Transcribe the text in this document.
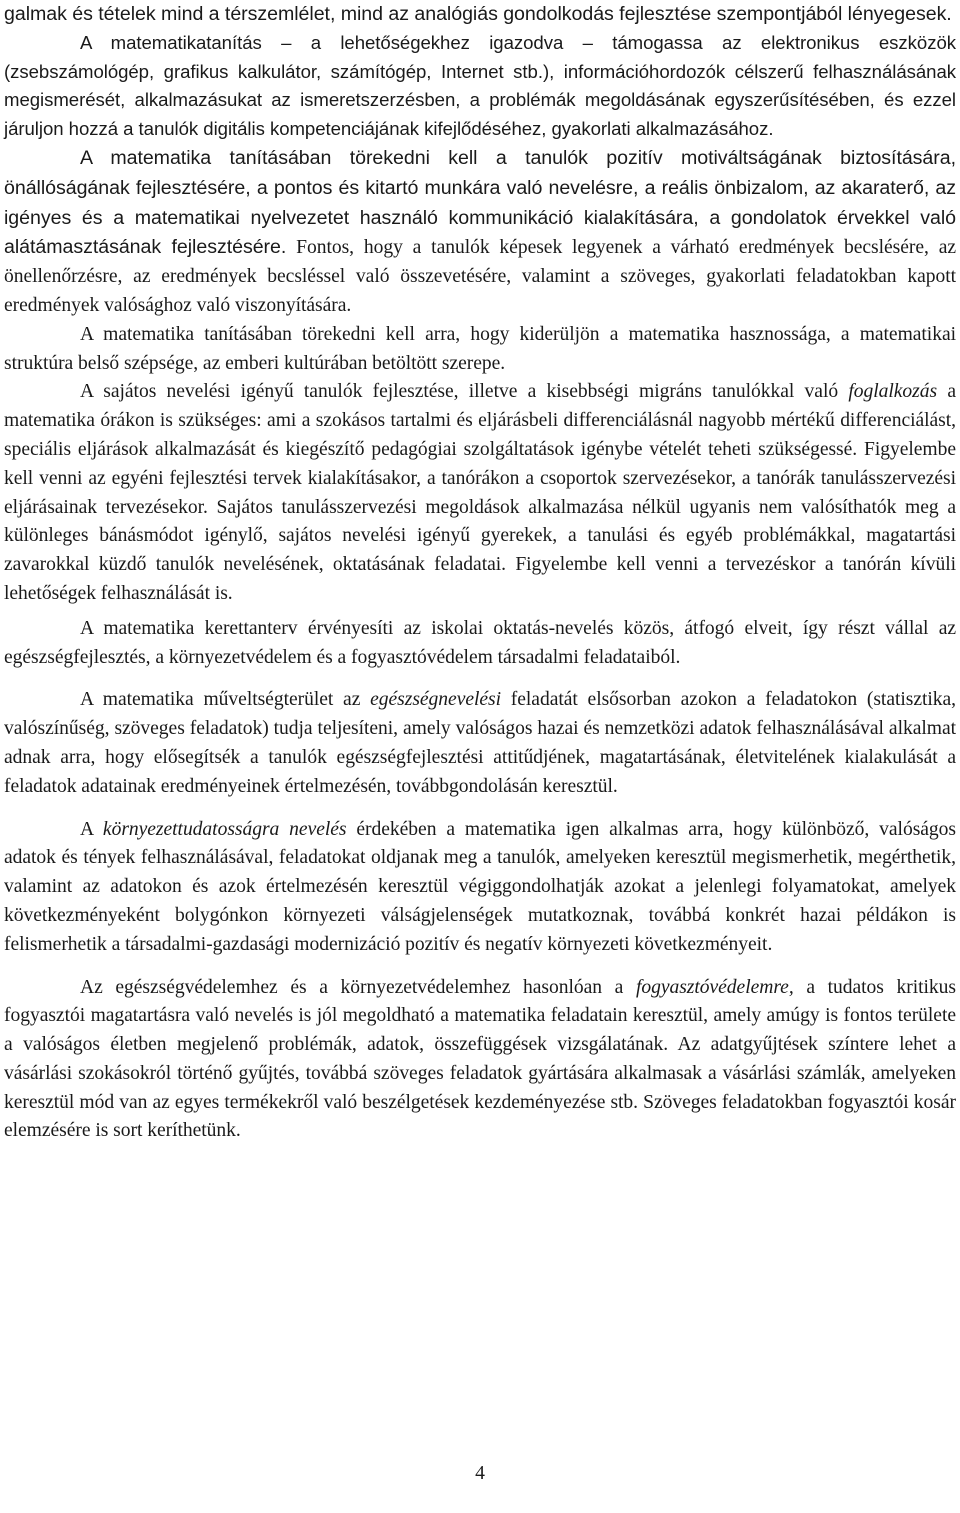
galmak és tételek mind a térszemlélet, mind az analógiás gondolkodás fejlesztése szempontjából lényegesek.

A matematikatanítás – a lehetőségekhez igazodva – támogassa az elektronikus eszközök (zsebszámológép, grafikus kalkulátor, számítógép, Internet stb.), információhordozók célszerű felhasználásának megismerését, alkalmazásukat az ismeretszerzésben, a problémák megoldásának egyszerűsítésében, és ezzel járuljon hozzá a tanulók digitális kompetenciájának kifejlődéséhez, gyakorlati alkalmazásához.

A matematika tanításában törekedni kell a tanulók pozitív motiváltságának biztosítására, önállóságának fejlesztésére, a pontos és kitartó munkára való nevelésre, a reális önbizalom, az akaraterő, az igényes és a matematikai nyelvezetet használó kommunikáció kialakítására, a gondolatok érvekkel való alátámasztásának fejlesztésére. Fontos, hogy a tanulók képesek legyenek a várható eredmények becslésére, az önellenőrzésre, az eredmények becsléssel való összevetésére, valamint a szöveges, gyakorlati feladatokban kapott eredmények valósághoz való viszonyítására.

A matematika tanításában törekedni kell arra, hogy kiderüljön a matematika hasznossága, a matematikai struktúra belső szépsége, az emberi kultúrában betöltött szerepe.

A sajátos nevelési igényű tanulók fejlesztése, illetve a kisebbségi migráns tanulókkal való foglalkozás a matematika órákon is szükséges: ami a szokásos tartalmi és eljárásbeli differenciálásnál nagyobb mértékű differenciálást, speciális eljárások alkalmazását és kiegészítő pedagógiai szolgáltatások igénybe vételét teheti szükségessé. Figyelembe kell venni az egyéni fejlesztési tervek kialakításakor, a tanórákon a csoportok szervezésekor, a tanórák tanulásszervezési eljárásainak tervezésekor. Sajátos tanulásszervezési megoldások alkalmazása nélkül ugyanis nem valósíthatók meg a különleges bánásmódot igénylő, sajátos nevelési igényű gyerekek, a tanulási és egyéb problémákkal, magatartási zavarokkal küzdő tanulók nevelésének, oktatásának feladatai. Figyelembe kell venni a tervezéskor a tanórán kívüli lehetőségek felhasználását is.

A matematika kerettanterv érvényesíti az iskolai oktatás-nevelés közös, átfogó elveit, így részt vállal az egészségfejlesztés, a környezetvédelem és a fogyasztóvédelem társadalmi feladataiból.

A matematika műveltségterület az egészségnevelési feladatát elsősorban azokon a feladatokon (statisztika, valószínűség, szöveges feladatok) tudja teljesíteni, amely valóságos hazai és nemzetközi adatok felhasználásával alkalmat adnak arra, hogy elősegítsék a tanulók egészségfejlesztési attitűdjének, magatartásának, életvitelének kialakulását a feladatok adatainak eredményeinek értelmezésén, továbbgondolásán keresztül.

A környezettudatosságra nevelés érdekében a matematika igen alkalmas arra, hogy különböző, valóságos adatok és tények felhasználásával, feladatokat oldjanak meg a tanulók, amelyeken keresztül megismerhetik, megérthetik, valamint az adatokon és azok értelmezésén keresztül végiggondolhatják azokat a jelenlegi folyamatokat, amelyek következményeként bolygónkon környezeti válságjelenségek mutatkoznak, továbbá konkrét hazai példákon is felismerhetik a társadalmi-gazdasági modernizáció pozitív és negatív környezeti következményeit.

Az egészségvédelemhez és a környezetvédelemhez hasonlóan a fogyasztóvédelemre, a tudatos kritikus fogyasztói magatartásra való nevelés is jól megoldható a matematika feladatain keresztül, amely amúgy is fontos területe a valóságos életben megjelenő problémák, adatok, összefüggések vizsgálatának. Az adatgyűjtések színtere lehet a vásárlási szokásokról történő gyűjtés, továbbá szöveges feladatok gyártására alkalmasak a vásárlási számlák, amelyeken keresztül mód van az egyes termékekről való beszélgetések kezdeményezése stb. Szöveges feladatokban fogyasztói kosár elemzésére is sort keríthetünk.

4
